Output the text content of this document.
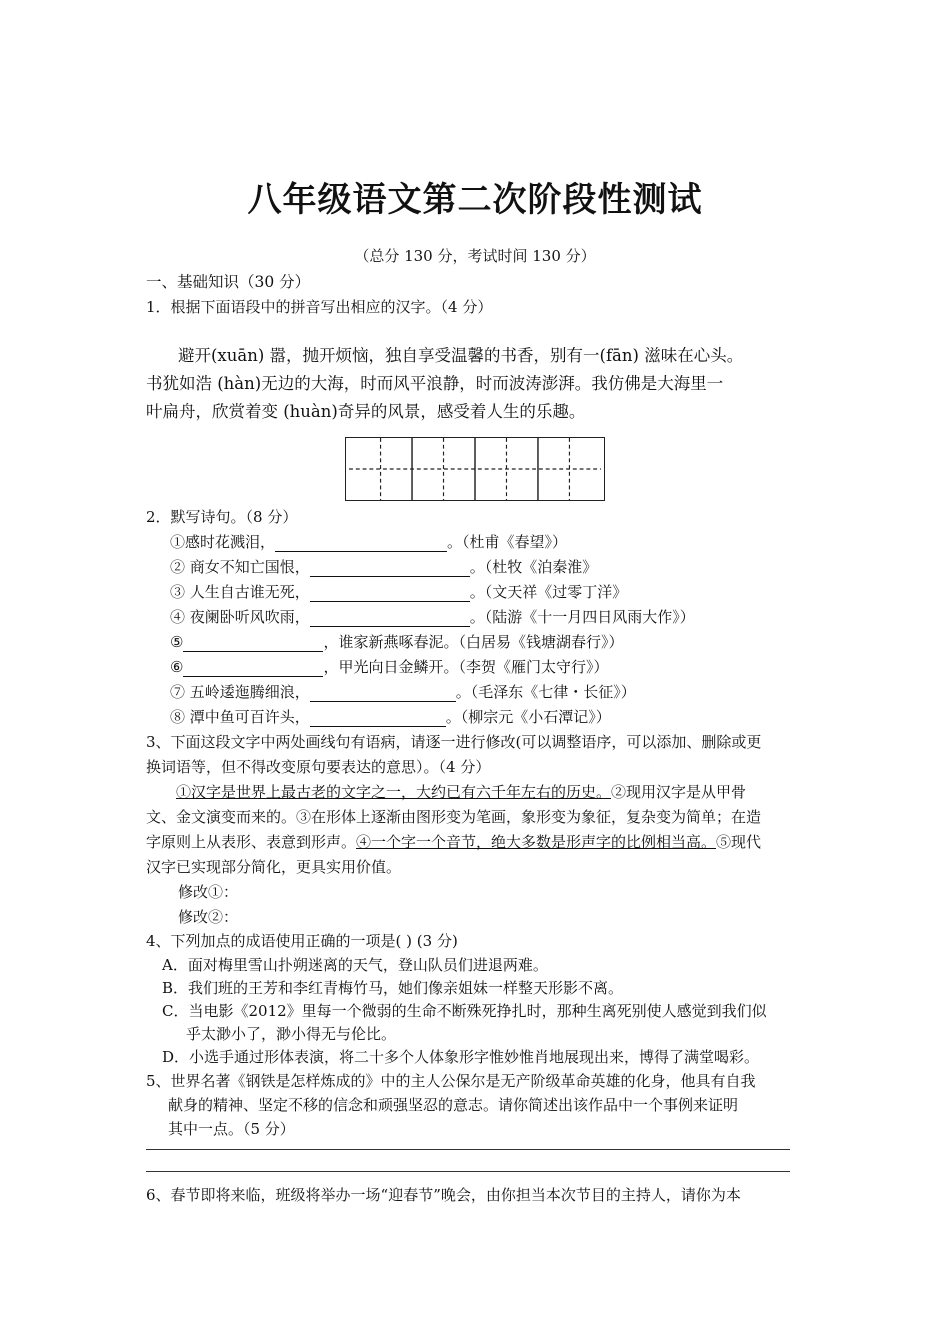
八年级语文第二次阶段性测试
（总分 130 分，考试时间 130 分）
一、基础知识（30 分）
1．根据下面语段中的拼音写出相应的汉字。（4 分）
避开(xuān) 嚣，抛开烦恼，独自享受温馨的书香，别有一(fān) 滋味在心头。
书犹如浩 (hàn)无边的大海，时而风平浪静，时而波涛澎湃。我仿佛是大海里一
叶扁舟，欣赏着变 (huàn)奇异的风景，感受着人生的乐趣。
2．默写诗句。（8 分）
①感时花溅泪，	。（杜甫《春望》）
② 商女不知亡国恨，	。（杜牧《泊秦淮》
③ 人生自古谁无死，	。（文天祥《过零丁洋》
④ 夜阑卧听风吹雨，	。（陆游《十一月四日风雨大作》）
⑤	，谁家新燕啄春泥。（白居易《钱塘湖春行》）
⑥	，甲光向日金鳞开。（李贺《雁门太守行》）
⑦ 五岭逶迤腾细浪，	。（毛泽东《七律・长征》）
⑧ 潭中鱼可百许头，	。（柳宗元《小石潭记》）
3、下面这段文字中两处画线句有语病，请逐一进行修改(可以调整语序，可以添加、删除或更
换词语等，但不得改变原句要表达的意思）。（4 分）
①汉字是世界上最古老的文字之一，大约已有六千年左右的历史。②现用汉字是从甲骨
文、金文演变而来的。③在形体上逐渐由图形变为笔画，象形变为象征，复杂变为简单；在造
字原则上从表形、表意到形声。④一个字一个音节，绝大多数是形声字的比例相当高。⑤现代
汉字已实现部分简化，更具实用价值。
修改①：
修改②：
4、下列加点的成语使用正确的一项是( ) (3 分)
A．面对梅里雪山扑朔迷离的天气，登山队员们进退两难。
B．我们班的王芳和李红青梅竹马，她们像亲姐妹一样整天形影不离。
C．当电影《2012》里每一个微弱的生命不断殊死挣扎时，那种生离死别使人感觉到我们似
乎太渺小了，渺小得无与伦比。
D．小选手通过形体表演，将二十多个人体象形字惟妙惟肖地展现出来，博得了满堂喝彩。
5、世界名著《钢铁是怎样炼成的》中的主人公保尔是无产阶级革命英雄的化身，他具有自我
献身的精神、坚定不移的信念和顽强坚忍的意志。请你简述出该作品中一个事例来证明
其中一点。（5 分）
6、春节即将来临，班级将举办一场“迎春节”晚会，由你担当本次节目的主持人，请你为本
